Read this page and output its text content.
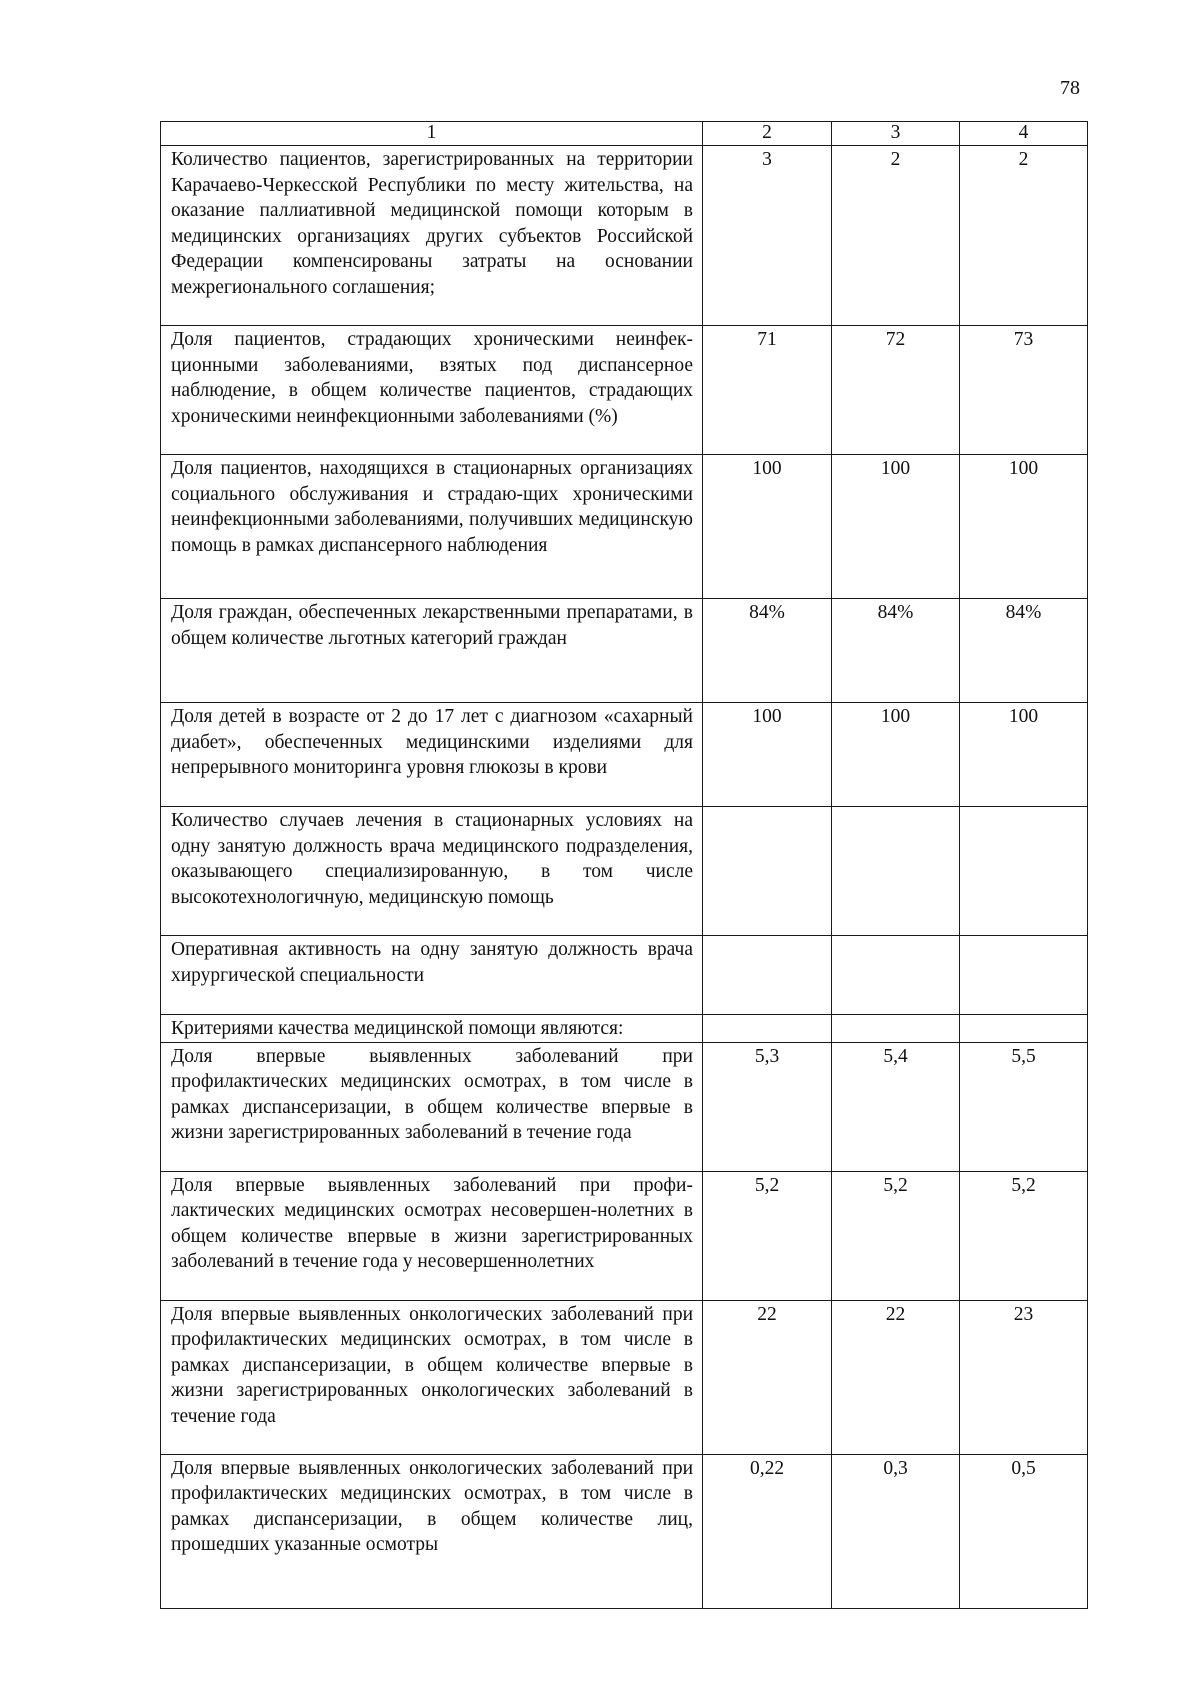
78
1	2	3	4
Количество пациентов, зарегистрированных на территории Карачаево-Черкесской Республики по месту жительства, на оказание паллиативной медицинской помощи которым в медицинских организациях других субъектов Российской Федерации компенсированы затраты на основании межрегионального соглашения;	3	2	2
Доля пациентов, страдающих хроническими неинфек-ционными заболеваниями, взятых под диспансерное наблюдение, в общем количестве пациентов, страдающих хроническими неинфекционными заболеваниями (%)	71	72	73
Доля пациентов, находящихся в стационарных организациях социального обслуживания и страдаю-щих хроническими неинфекционными заболеваниями, получивших медицинскую помощь в рамках диспансерного наблюдения	100	100	100
Доля граждан, обеспеченных лекарственными препаратами, в общем количестве льготных категорий граждан	84%	84%	84%
Доля детей в возрасте от 2 до 17 лет с диагнозом «сахарный диабет», обеспеченных медицинскими изделиями для непрерывного мониторинга уровня глюкозы в крови	100	100	100
Количество случаев лечения в стационарных условиях на одну занятую должность врача медицинского подразделения, оказывающего специализированную, в том числе высокотехнологичную, медицинскую помощь			
Оперативная активность на одну занятую должность врача хирургической специальности			
Критериями качества медицинской помощи являются:			
Доля впервые выявленных заболеваний при профилактических медицинских осмотрах, в том числе в рамках диспансеризации, в общем количестве впервые в жизни зарегистрированных заболеваний в течение года	5,3	5,4	5,5
Доля впервые выявленных заболеваний при профи-лактических медицинских осмотрах несовершен-нолетних в общем количестве впервые в жизни зарегистрированных заболеваний в течение года у несовершеннолетних	5,2	5,2	5,2
Доля впервые выявленных онкологических заболеваний при профилактических медицинских осмотрах, в том числе в рамках диспансеризации, в общем количестве впервые в жизни зарегистрированных онкологических заболеваний в течение года	22	22	23
Доля впервые выявленных онкологических заболеваний при профилактических медицинских осмотрах, в том числе в рамках диспансеризации, в общем количестве лиц, прошедших указанные осмотры	0,22	0,3	0,5
